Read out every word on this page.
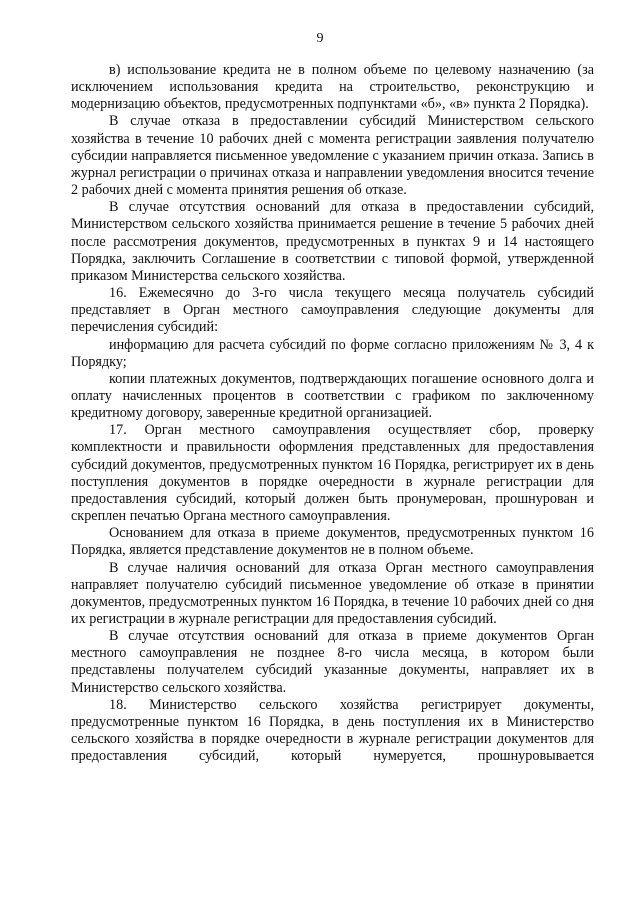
9

в) использование кредита не в полном объеме по целевому назначению (за исключением использования кредита на строительство, реконструкцию и модернизацию объектов, предусмотренных подпунктами «б», «в» пункта 2 Порядка).

В случае отказа в предоставлении субсидий Министерством сельского хозяйства в течение 10 рабочих дней с момента регистрации заявления получателю субсидии направляется письменное уведомление с указанием причин отказа. Запись в журнал регистрации о причинах отказа и направлении уведомления вносится течение 2 рабочих дней с момента принятия решения об отказе.

В случае отсутствия оснований для отказа в предоставлении субсидий, Министерством сельского хозяйства принимается решение в течение 5 рабочих дней после рассмотрения документов, предусмотренных в пунктах 9 и 14 настоящего Порядка, заключить Соглашение в соответствии с типовой формой, утвержденной приказом Министерства сельского хозяйства.

16. Ежемесячно до 3-го числа текущего месяца получатель субсидий представляет в Орган местного самоуправления следующие документы для перечисления субсидий:

информацию для расчета субсидий по форме согласно приложениям № 3, 4 к Порядку;

копии платежных документов, подтверждающих погашение основного долга и оплату начисленных процентов в соответствии с графиком по заключенному кредитному договору, заверенные кредитной организацией.

17. Орган местного самоуправления осуществляет сбор, проверку комплектности и правильности оформления представленных для предоставления субсидий документов, предусмотренных пунктом 16 Порядка, регистрирует их в день поступления документов в порядке очередности в журнале регистрации для предоставления субсидий, который должен быть пронумерован, прошнурован и скреплен печатью Органа местного самоуправления.

Основанием для отказа в приеме документов, предусмотренных пунктом 16 Порядка, является представление документов не в полном объеме.

В случае наличия оснований для отказа Орган местного самоуправления направляет получателю субсидий письменное уведомление об отказе в принятии документов, предусмотренных пунктом 16 Порядка, в течение 10 рабочих дней со дня их регистрации в журнале регистрации для предоставления субсидий.

В случае отсутствия оснований для отказа в приеме документов Орган местного самоуправления не позднее 8-го числа месяца, в котором были представлены получателем субсидий указанные документы, направляет их в Министерство сельского хозяйства.

18. Министерство сельского хозяйства регистрирует документы, предусмотренные пунктом 16 Порядка, в день поступления их в Министерство сельского хозяйства в порядке очередности в журнале регистрации документов для предоставления субсидий, который нумеруется, прошнуровывается
